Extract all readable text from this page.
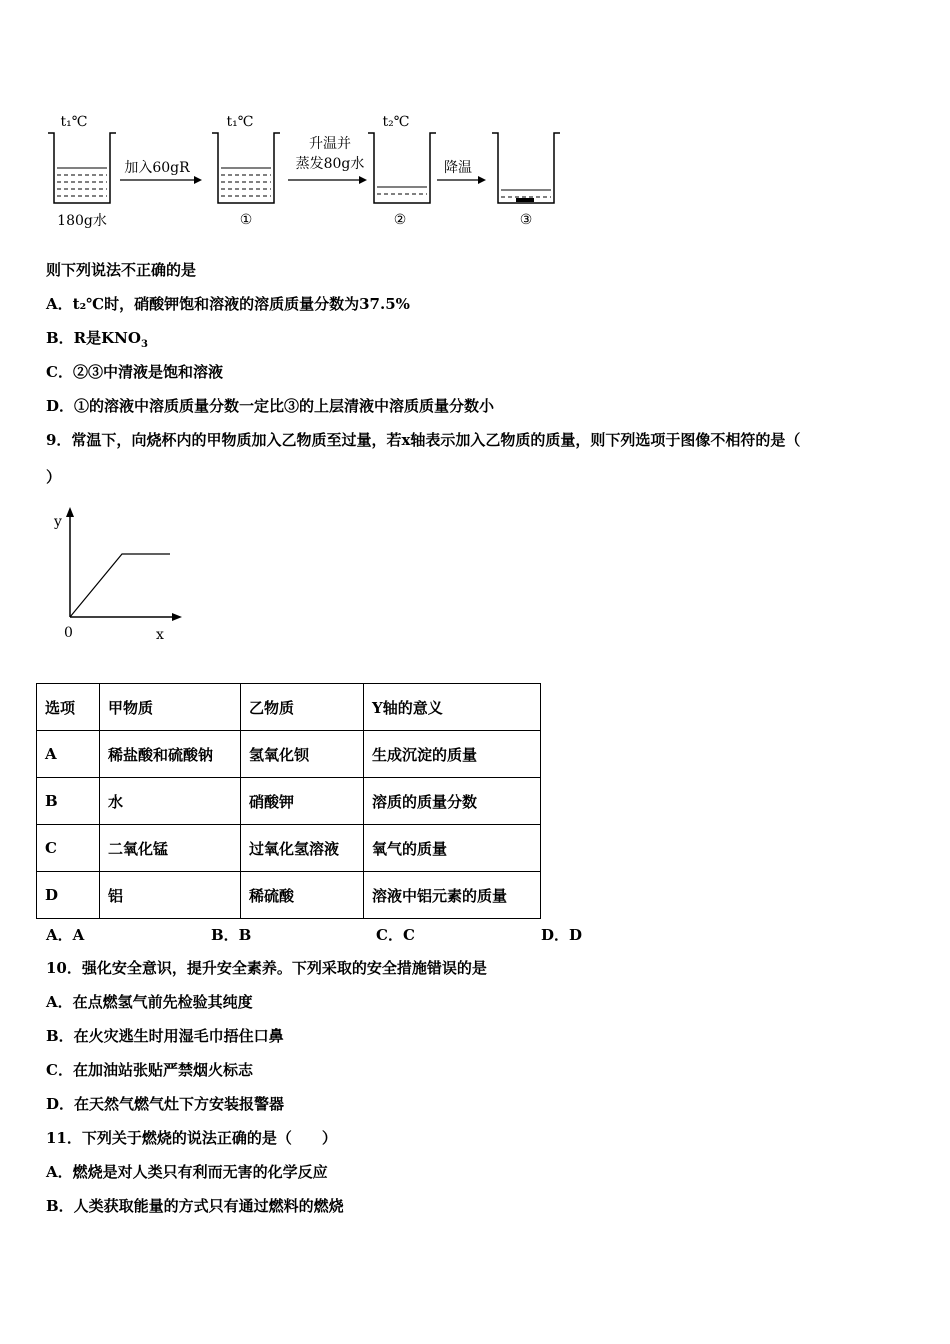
t₁℃
180g水
加入60gR
t₁℃
①
升温并
蒸发80g水
t₂℃
②
降温
③
则下列说法不正确的是
A．t₂℃时，硝酸钾饱和溶液的溶质质量分数为37.5%
B．R是$KNO_3$
C．②③中清液是饱和溶液
D．①的溶液中溶质质量分数一定比③的上层清液中溶质质量分数小
9．常温下，向烧杯内的甲物质加入乙物质至过量，若x轴表示加入乙物质的质量，则下列选项于图像不相符的是（
）
y
x
0
选项	甲物质	乙物质	Y轴的意义
A	稀盐酸和硫酸钠	氢氧化钡	生成沉淀的质量
B	水	硝酸钾	溶质的质量分数
C	二氧化锰	过氧化氢溶液	氧气的质量
D	铝	稀硫酸	溶液中铝元素的质量
A．A	B．B	C．C	D．D
10．强化安全意识，提升安全素养。下列采取的安全措施错误的是
A．在点燃氢气前先检验其纯度
B．在火灾逃生时用湿毛巾捂住口鼻
C．在加油站张贴严禁烟火标志
D．在天然气燃气灶下方安装报警器
11．下列关于燃烧的说法正确的是（　　）
A．燃烧是对人类只有利而无害的化学反应
B．人类获取能量的方式只有通过燃料的燃烧
